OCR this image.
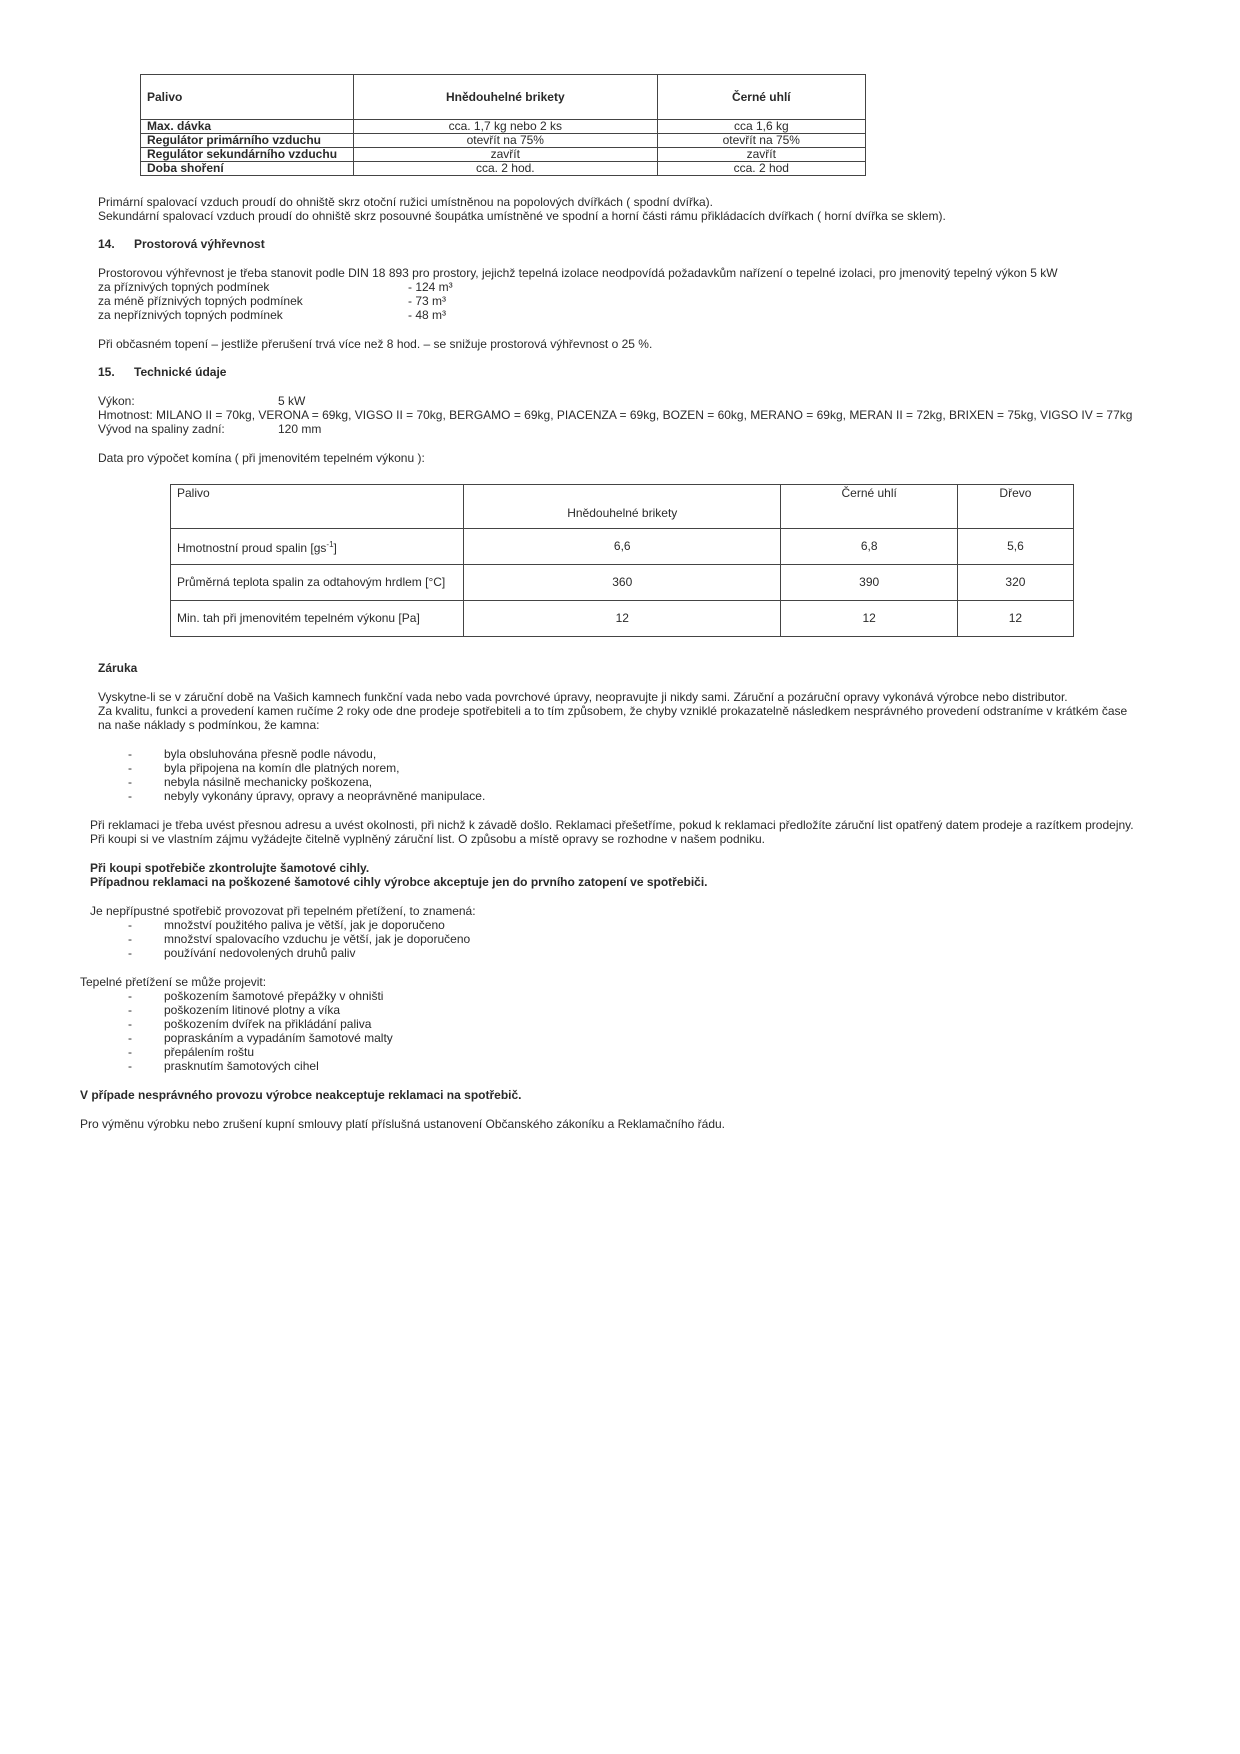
Palivo	Hnědouhelné brikety	Černé uhlí
Max. dávka	cca. 1,7 kg nebo 2 ks	cca 1,6 kg
Regulátor primárního vzduchu	otevřít na 75%	otevřít na 75%
Regulátor sekundárního vzduchu	zavřít	zavřít
Doba shoření	cca. 2 hod.	cca. 2 hod
Primární spalovací vzduch proudí do ohniště skrz otoční ružici umístněnou na popolových dvířkách ( spodní dvířka).
Sekundární spalovací vzduch proudí do ohniště skrz posouvné šoupátka umístněné ve spodní a horní části rámu přikládacích dvířkach ( horní dvířka se sklem).
14. Prostorová výhřevnost
Prostorovou výhřevnost je třeba stanovit podle DIN 18 893 pro prostory, jejichž tepelná izolace neodpovídá požadavkům nařízení o tepelné izolaci, pro jmenovitý tepelný výkon 5 kW
za příznivých topných podmínek	- 124 m³
za méně příznivých topných podmínek	- 73 m³
za nepříznivých topných podmínek	- 48 m³
Při občasném topení – jestliže přerušení trvá více než 8 hod. – se snižuje prostorová výhřevnost o 25 %.
15. Technické údaje
Výkon:	5 kW
Hmotnost: MILANO II = 70kg, VERONA = 69kg, VIGSO II = 70kg, BERGAMO = 69kg, PIACENZA = 69kg, BOZEN = 60kg, MERANO = 69kg, MERAN II = 72kg, BRIXEN = 75kg, VIGSO IV = 77kg
Vývod na spaliny zadní:	120 mm
Data pro výpočet komína ( při jmenovitém tepelném výkonu ):
Palivo	Hnědouhelné brikety	Černé uhlí	Dřevo
Hmotnostní proud spalin $[gs^{-1}]$	6,6	6,8	5,6
Průměrná teplota spalin za odtahovým hrdlem [°C]	360	390	320
Min. tah při jmenovitém tepelném výkonu [Pa]	12	12	12
Záruka
Vyskytne-li se v záruční době na Vašich kamnech funkční vada nebo vada povrchové úpravy, neopravujte ji nikdy sami. Záruční a pozáruční opravy vykonává výrobce nebo distributor.
Za kvalitu, funkci a provedení kamen ručíme 2 roky ode dne prodeje spotřebiteli a to tím způsobem, že chyby vzniklé prokazatelně následkem nesprávného provedení odstraníme v krátkém čase
na naše náklady s podmínkou, že kamna:
-	byla obsluhována přesně podle návodu,
-	byla připojena na komín dle platných norem,
-	nebyla násilně mechanicky poškozena,
-	nebyly vykonány úpravy, opravy a neoprávněné manipulace.
Při reklamaci je třeba uvést přesnou adresu a uvést okolnosti, při nichž k závadě došlo. Reklamaci přešetříme, pokud k reklamaci předložíte záruční list opatřený datem prodeje a razítkem prodejny.
Při koupi si ve vlastním zájmu vyžádejte čitelně vyplněný záruční list. O způsobu a místě opravy se rozhodne v našem podniku.
Při koupi spotřebiče zkontrolujte šamotové cihly.
Případnou reklamaci na poškozené šamotové cihly výrobce akceptuje jen do prvního zatopení ve spotřebiči.
Je nepřípustné spotřebič provozovat při tepelném přetížení, to znamená:
-	množství použitého paliva je větší, jak je doporučeno
-	množství spalovacího vzduchu je větší, jak je doporučeno
-	používání nedovolených druhů paliv
Tepelné přetížení se může projevit:
-	poškozením šamotové přepážky v ohništi
-	poškozením litinové plotny a víka
-	poškozením dvířek na přikládání paliva
-	popraskáním a vypadáním šamotové malty
-	přepálením roštu
-	prasknutím šamotových cihel
V případe nesprávného provozu výrobce neakceptuje reklamaci na spotřebič.
Pro výměnu výrobku nebo zrušení kupní smlouvy platí příslušná ustanovení Občanského zákoníku a Reklamačního řádu.
